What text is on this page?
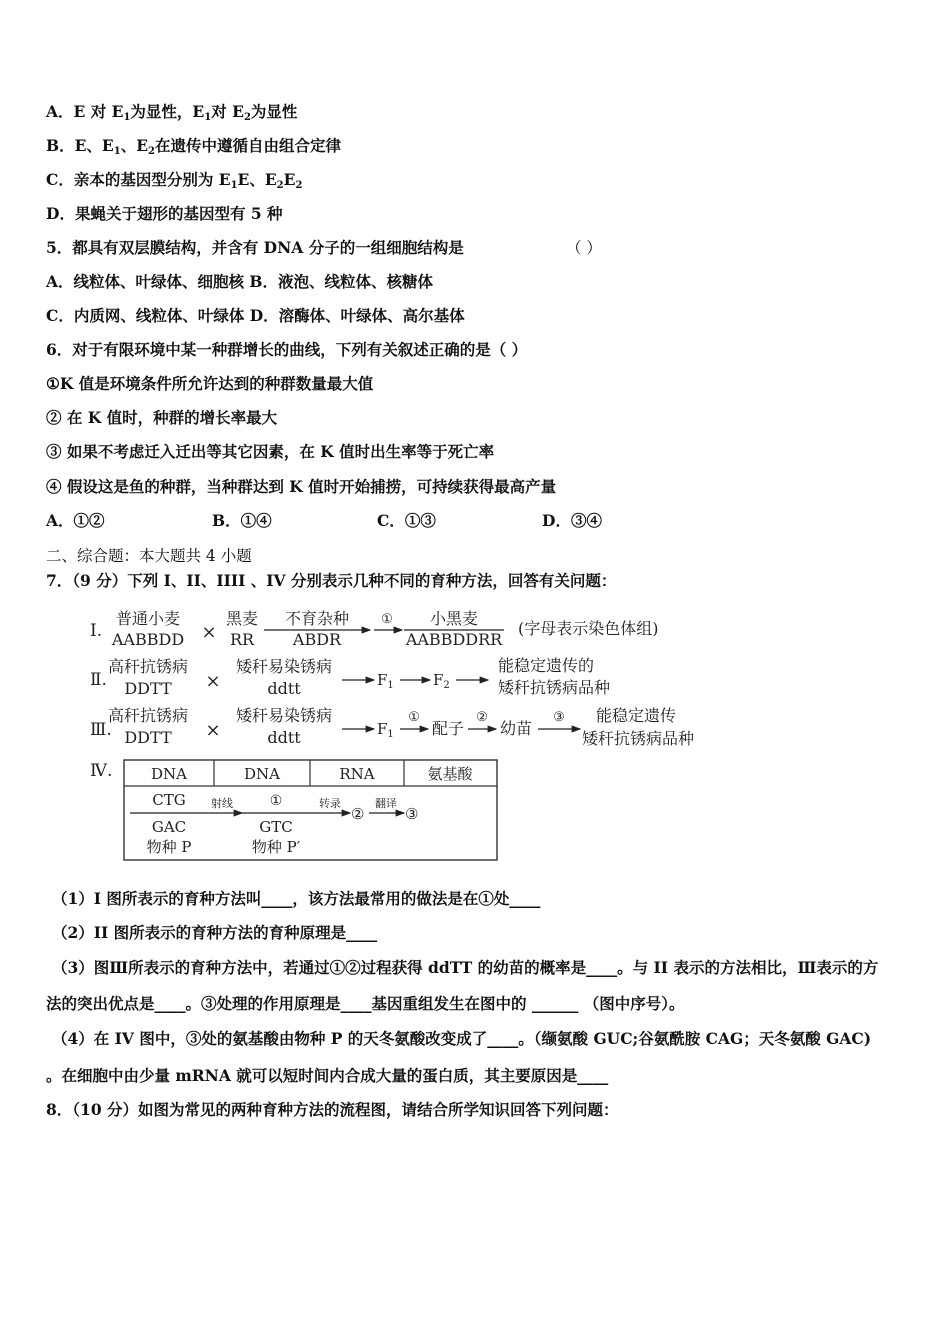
A．E 对 $E_1$为显性，$E_1$对 $E_2$为显性
B．E、$E_1$、$E_2$在遗传中遵循自由组合定律
C．亲本的基因型分别为 $E_1E$、$E_2E_2$
D．果蝇关于翅形的基因型有 5 种
5．都具有双层膜结构，并含有 DNA 分子的一组细胞结构是	（ ）
A．线粒体、叶绿体、细胞核 B．液泡、线粒体、核糖体
C．内质网、线粒体、叶绿体 D．溶酶体、叶绿体、高尔基体
6．对于有限环境中某一种群增长的曲线，下列有关叙述正确的是（ ）
①K 值是环境条件所允许达到的种群数量最大值
② 在 K 值时，种群的增长率最大
③ 如果不考虑迁入迁出等其它因素，在 K 值时出生率等于死亡率
④ 假设这是鱼的种群，当种群达到 K 值时开始捕捞，可持续获得最高产量
A．①②	B．①④	C．①③	D．③④
二、综合题：本大题共 4 小题
7．（9 分）下列 I、II、IIII 、IV 分别表示几种不同的育种方法，回答有关问题：
Ⅰ.
普通小麦
AABBDD ×
黑麦
RR
不育杂种
ABDR
① 小黑麦
AABBDDRR
(字母表示染色体组)
Ⅱ.
高秆抗锈病
DDTT ×
矮秆易染锈病
ddtt	$F_1$	$F_2$
能稳定遗传的
矮秆抗锈病品种
Ⅲ.
高秆抗锈病
DDTT ×
矮秆易染锈病
ddtt	$F_1$
①
配子
②
幼苗
③ 能稳定遗传
矮秆抗锈病品种
Ⅳ.	DNA	DNA	RNA	氨基酸
CTG 射线	①
GAC
物种 P
GTC
物种 P′
转录
②
翻译
③
（1）I 图所表示的育种方法叫____，该方法最常用的做法是在①处____
（2）II 图所表示的育种方法的育种原理是____
（3）图Ⅲ所表示的育种方法中，若通过①②过程获得 ddTT 的幼苗的概率是____。与 II 表示的方法相比，Ⅲ表示的方
法的突出优点是____。③处理的作用原理是____基因重组发生在图中的 ______ （图中序号）。
（4）在 IV 图中，③处的氨基酸由物种 P 的天冬氨酸改变成了____。（缬氨酸 GUC;谷氨酰胺 CAG；天冬氨酸 GAC)
。在细胞中由少量 mRNA 就可以短时间内合成大量的蛋白质，其主要原因是____
8．（10 分）如图为常见的两种育种方法的流程图，请结合所学知识回答下列问题：
